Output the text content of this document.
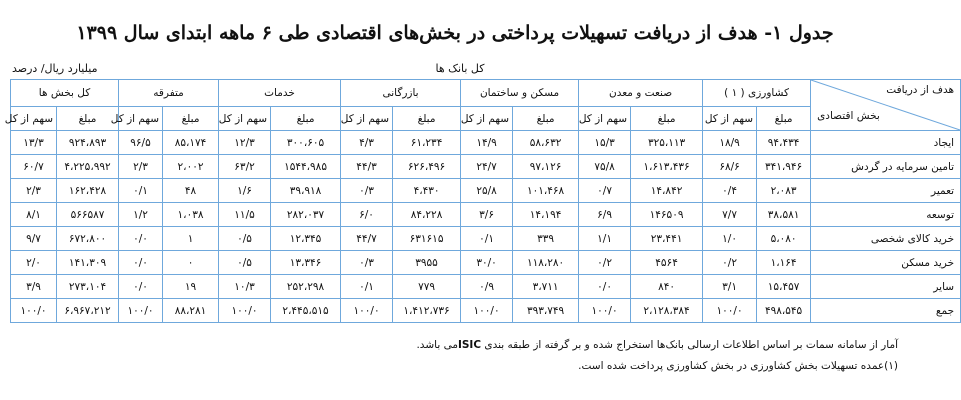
جدول ۱- هدف از دریافت تسهیلات پرداختی در بخش‌های اقتصادی طی ۶ ماهه ابتدای سال ۱۳۹۹
میلیارد ریال/ درصد	کل بانک ها
هدف از دریافت
بخش اقتصادی	کشاورزی ( ۱ )		صنعت و معدن		مسکن و ساختمان		بازرگانی		خدمات		متفرقه		کل بخش ها	
	مبلغ	سهم از کل	مبلغ	سهم از کل	مبلغ	سهم از کل	مبلغ	سهم از کل	مبلغ	سهم از کل	مبلغ	سهم از کل	مبلغ	سهم از کل
ایجاد	۹۴،۴۳۴	۱۸/۹	۳۲۵،۱۱۳	۱۵/۳	۵۸،۶۳۲	۱۴/۹	۶۱،۲۳۴	۴/۳	۳۰۰،۶۰۵	۱۲/۳	۸۵،۱۷۴	۹۶/۵	۹۲۴،۸۹۳	۱۳/۳
تامین سرمایه در گردش	۳۴۱،۹۴۶	۶۸/۶	۱،۶۱۳،۴۳۶	۷۵/۸	۹۷،۱۲۶	۲۴/۷	۶۲۶،۴۹۶	۴۴/۳	۱۵۴۴،۹۸۵	۶۳/۲	۲،۰۰۲	۲/۳	۴،۲۲۵،۹۹۲	۶۰/۷
تعمیر	۲،۰۸۳	۰/۴	۱۴،۸۴۲	۰/۷	۱۰۱،۴۶۸	۲۵/۸	۴،۴۳۰	۰/۳	۳۹،۹۱۸	۱/۶	۴۸	۰/۱	۱۶۲،۴۲۸	۲/۳
توسعه	۳۸،۵۸۱	۷/۷	۱۴۶۵۰۹	۶/۹	۱۴،۱۹۴	۳/۶	۸۴،۲۲۸	۶/۰	۲۸۲،۰۳۷	۱۱/۵	۱،۰۳۸	۱/۲	۵۶۶۵۸۷	۸/۱
خرید کالای شخصی	۵،۰۸۰	۱/۰	۲۳،۴۴۱	۱/۱	۳۳۹	۰/۱	۶۳۱۶۱۵	۴۴/۷	۱۲،۳۴۵	۰/۵	۱	۰/۰	۶۷۲،۸۰۰	۹/۷
خرید مسکن	۱،۱۶۴	۰/۲	۴۵۶۴	۰/۲	۱۱۸،۲۸۰	۳۰/۰	۳۹۵۵	۰/۳	۱۳،۳۴۶	۰/۵	۰	۰/۰	۱۴۱،۳۰۹	۲/۰
سایر	۱۵،۴۵۷	۳/۱	۸۴۰	۰/۰	۳،۷۱۱	۰/۹	۷۷۹	۰/۱	۲۵۲،۲۹۸	۱۰/۳	۱۹	۰/۰	۲۷۳،۱۰۴	۳/۹
جمع	۴۹۸،۵۴۵	۱۰۰/۰	۲،۱۲۸،۳۸۴	۱۰۰/۰	۳۹۳،۷۴۹	۱۰۰/۰	۱،۴۱۲،۷۳۶	۱۰۰/۰	۲،۴۴۵،۵۱۵	۱۰۰/۰	۸۸،۲۸۱	۱۰۰/۰	۶،۹۶۷،۲۱۲	۱۰۰/۰
آمار از سامانه سمات بر اساس اطلاعات ارسالی بانک‌ها استخراج شده و بر گرفته از طبقه بندی ISICمی باشد.
(۱)عمده تسهیلات بخش کشاورزی در بخش کشاورزی پرداخت شده است.
